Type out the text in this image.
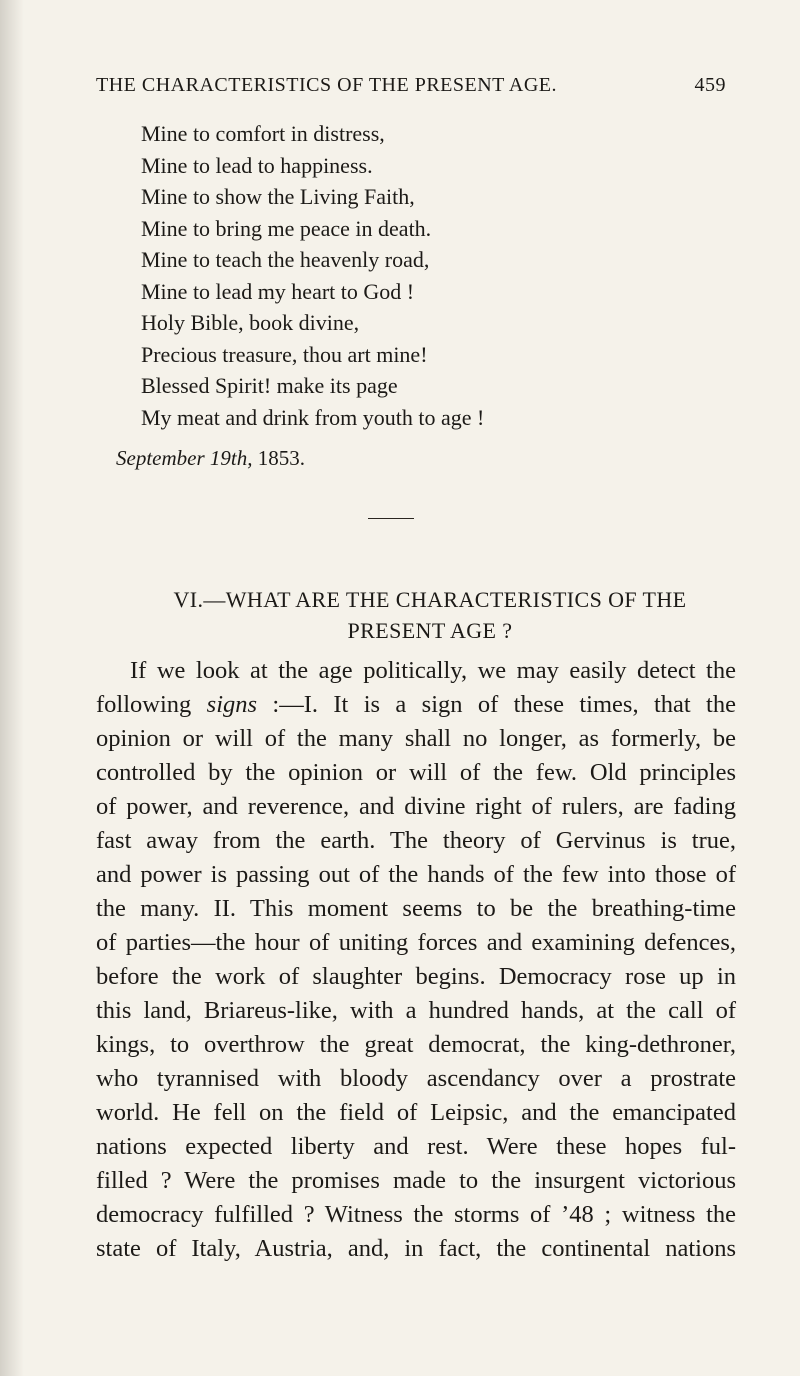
THE CHARACTERISTICS OF THE PRESENT AGE.	459
Mine to comfort in distress,
Mine to lead to happiness.
Mine to show the Living Faith,
Mine to bring me peace in death.
Mine to teach the heavenly road,
Mine to lead my heart to God !
Holy Bible, book divine,
Precious treasure, thou art mine!
Blessed Spirit! make its page
My meat and drink from youth to age !
September 19th, 1853.
VI.—WHAT ARE THE CHARACTERISTICS OF THE
PRESENT AGE ?
If we look at the age politically, we may easily detect the
following signs :—I. It is a sign of these times, that the
opinion or will of the many shall no longer, as formerly, be
controlled by the opinion or will of the few. Old principles
of power, and reverence, and divine right of rulers, are fading
fast away from the earth. The theory of Gervinus is true,
and power is passing out of the hands of the few into those of
the many. II. This moment seems to be the breathing-time
of parties—the hour of uniting forces and examining defences,
before the work of slaughter begins. Democracy rose up in
this land, Briareus-like, with a hundred hands, at the call of
kings, to overthrow the great democrat, the king-dethroner,
who tyrannised with bloody ascendancy over a prostrate
world. He fell on the field of Leipsic, and the emancipated
nations expected liberty and rest. Were these hopes ful-
filled ? Were the promises made to the insurgent victorious
democracy fulfilled ? Witness the storms of ’48 ; witness the
state of Italy, Austria, and, in fact, the continental nations
